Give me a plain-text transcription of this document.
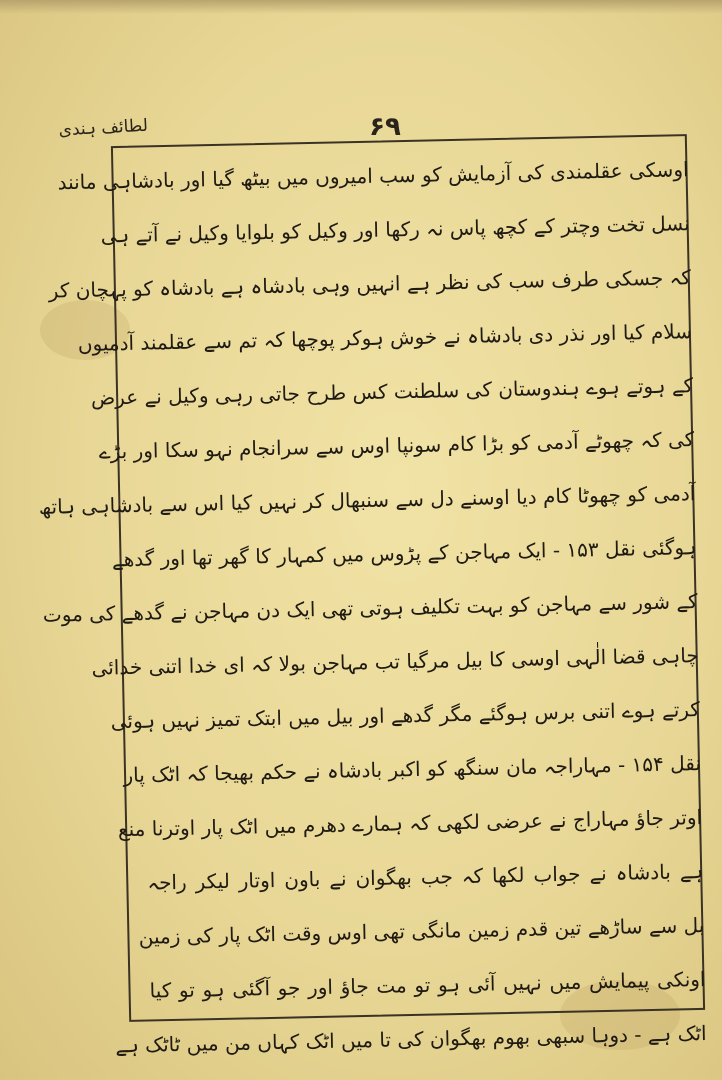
لطائف ہندی	۶۹
اوسکی عقلمندی کی آزمایش کو سب امیروں میں بیٹھ گیا اور بادشاہی مانند
نسل تخت وچتر کے کچھ پاس نہ رکھا اور وکیل کو بلوایا وکیل نے آتے ہی
کہ جسکی طرف سب کی نظر ہے انہیں وہی بادشاہ ہے بادشاہ کو پہچان کر
سلام کیا اور نذر دی بادشاہ نے خوش ہوکر پوچھا کہ تم سے عقلمند آدمیوں
کے ہوتے ہوے ہندوستان کی سلطنت کس طرح جاتی رہی وکیل نے عرض
کی کہ چھوٹے آدمی کو بڑا کام سونپا اوس سے سرانجام نہو سکا اور بڑے
آدمی کو چھوٹا کام دیا اوسنے دل سے سنبھال کر نہیں کیا اس سے بادشاہی ہاتھ
ہوگئی نقل ۱۵۳ - ایک مہاجن کے پڑوس میں کمہار کا گھر تھا اور گدھے
کے شور سے مہاجن کو بہت تکلیف ہوتی تھی ایک دن مہاجن نے گدھے کی موت
چاہی قضا الٰہی اوسی کا بیل مرگیا تب مہاجن بولا کہ ای خدا اتنی خدائی
کرتے ہوے اتنی برس ہوگئے مگر گدھے اور بیل میں ابتک تمیز نہیں ہوئی
نقل ۱۵۴ - مہاراجہ مان سنگھ کو اکبر بادشاہ نے حکم بھیجا کہ اٹک پار
اوتر جاؤ مہاراج نے عرضی لکھی کہ ہمارے دھرم میں اٹک پار اوترنا منع
ہے بادشاہ نے جواب لکھا کہ جب بھگوان نے باون اوتار لیکر راجہ
بل سے ساڑھے تین قدم زمین مانگی تھی اوس وقت اٹک پار کی زمین
اونکی پیمایش میں نہیں آئی ہو تو مت جاؤ اور جو آگئی ہو تو کیا
اٹک ہے - دوہا سبھی بھوم بھگوان کی تا میں اٹک کہاں من میں ٹاٹک ہے
